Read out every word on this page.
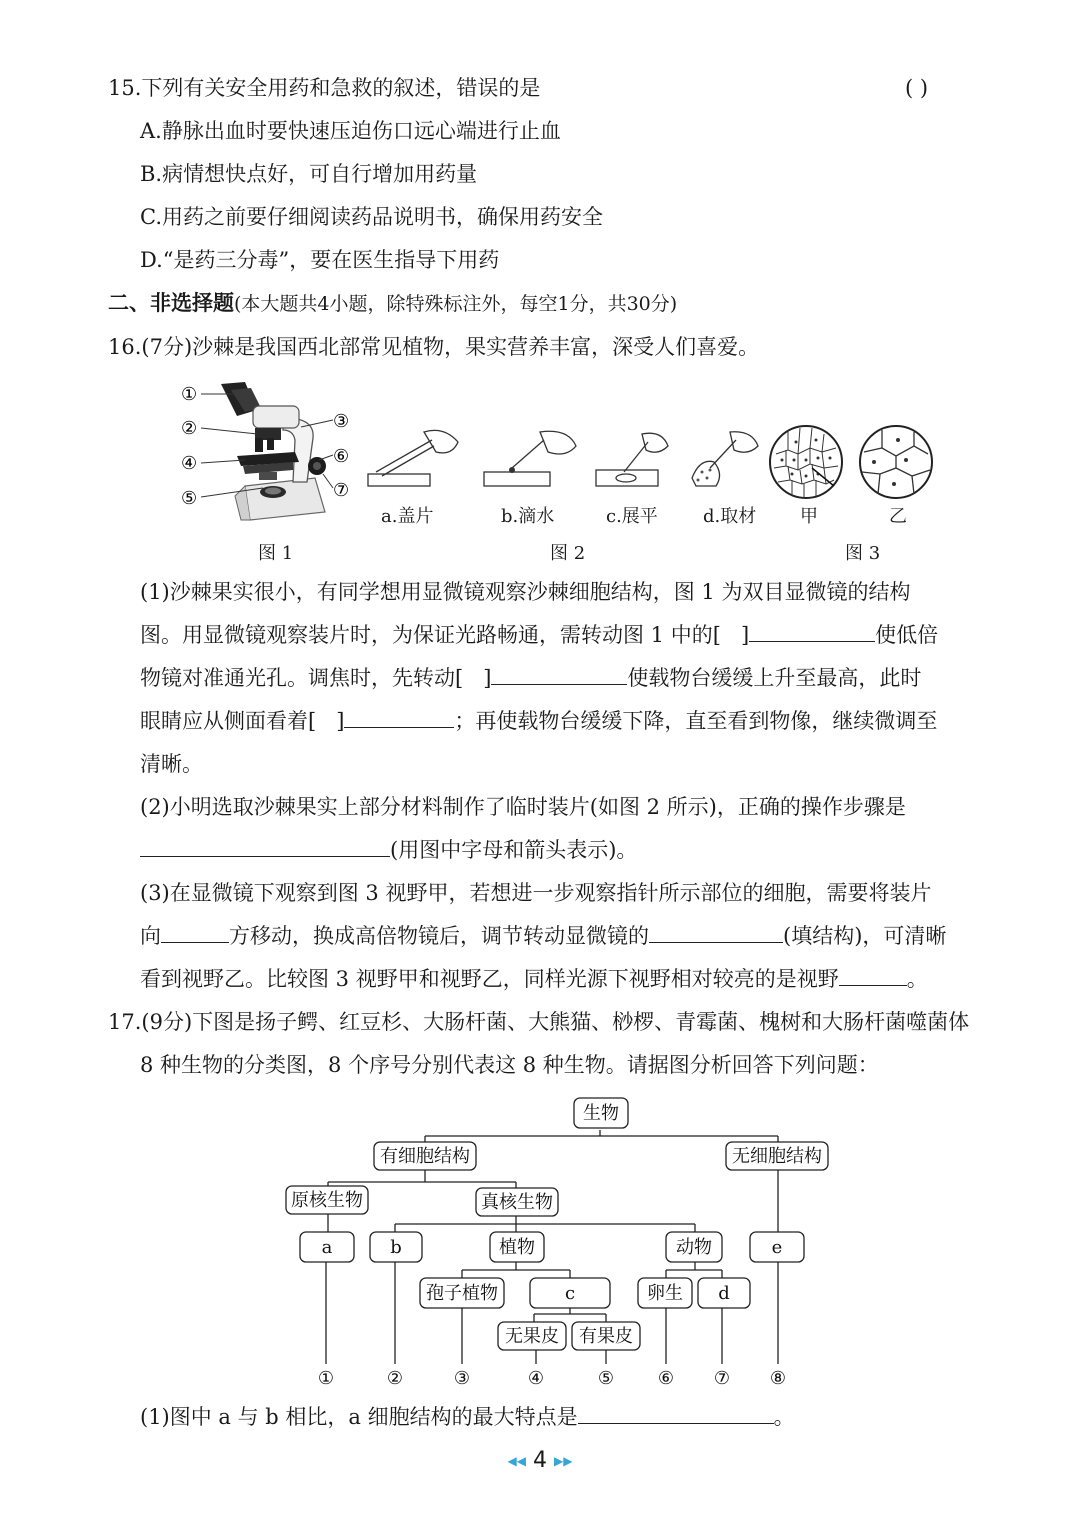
15.下列有关安全用药和急救的叙述，错误的是	( )
A.静脉出血时要快速压迫伤口远心端进行止血
B.病情想快点好，可自行增加用药量
C.用药之前要仔细阅读药品说明书，确保用药安全
D.“是药三分毒”，要在医生指导下用药
二、非选择题(本大题共4小题，除特殊标注外，每空1分，共30分)
16.(7分)沙棘是我国西北部常见植物，果实营养丰富，深受人们喜爱。
①
②	③
④
⑤
⑥
⑦
图 1
a.盖片	b.滴水	c.展平	d.取材
图 2
甲	乙
图 3
(1)沙棘果实很小，有同学想用显微镜观察沙棘细胞结构，图 1 为双目显微镜的结构
图。用显微镜观察装片时，为保证光路畅通，需转动图 1 中的[   ]	使低倍
物镜对准通光孔。调焦时，先转动[   ]	使载物台缓缓上升至最高，此时
眼睛应从侧面看着[   ]	；再使载物台缓缓下降，直至看到物像，继续微调至
清晰。
(2)小明选取沙棘果实上部分材料制作了临时装片(如图 2 所示)，正确的操作步骤是
(用图中字母和箭头表示)。
(3)在显微镜下观察到图 3 视野甲，若想进一步观察指针所示部位的细胞，需要将装片
向	方移动，换成高倍物镜后，调节转动显微镜的	(填结构)，可清晰
看到视野乙。比较图 3 视野甲和视野乙，同样光源下视野相对较亮的是视野	。
17.(9分)下图是扬子鳄、红豆杉、大肠杆菌、大熊猫、桫椤、青霉菌、槐树和大肠杆菌噬菌体
8 种生物的分类图，8 个序号分别代表这 8 种生物。请据图分析回答下列问题：
生物
有细胞结构	无细胞结构
原核生物	真核生物
a	b	植物	动物	e
孢子植物	c	卵生 d
无果皮 有果皮
①	②	③	④	⑤ ⑥ ⑦ ⑧
(1)图中 a 与 b 相比，a 细胞结构的最大特点是	。
◀◀ 4 ▶▶
